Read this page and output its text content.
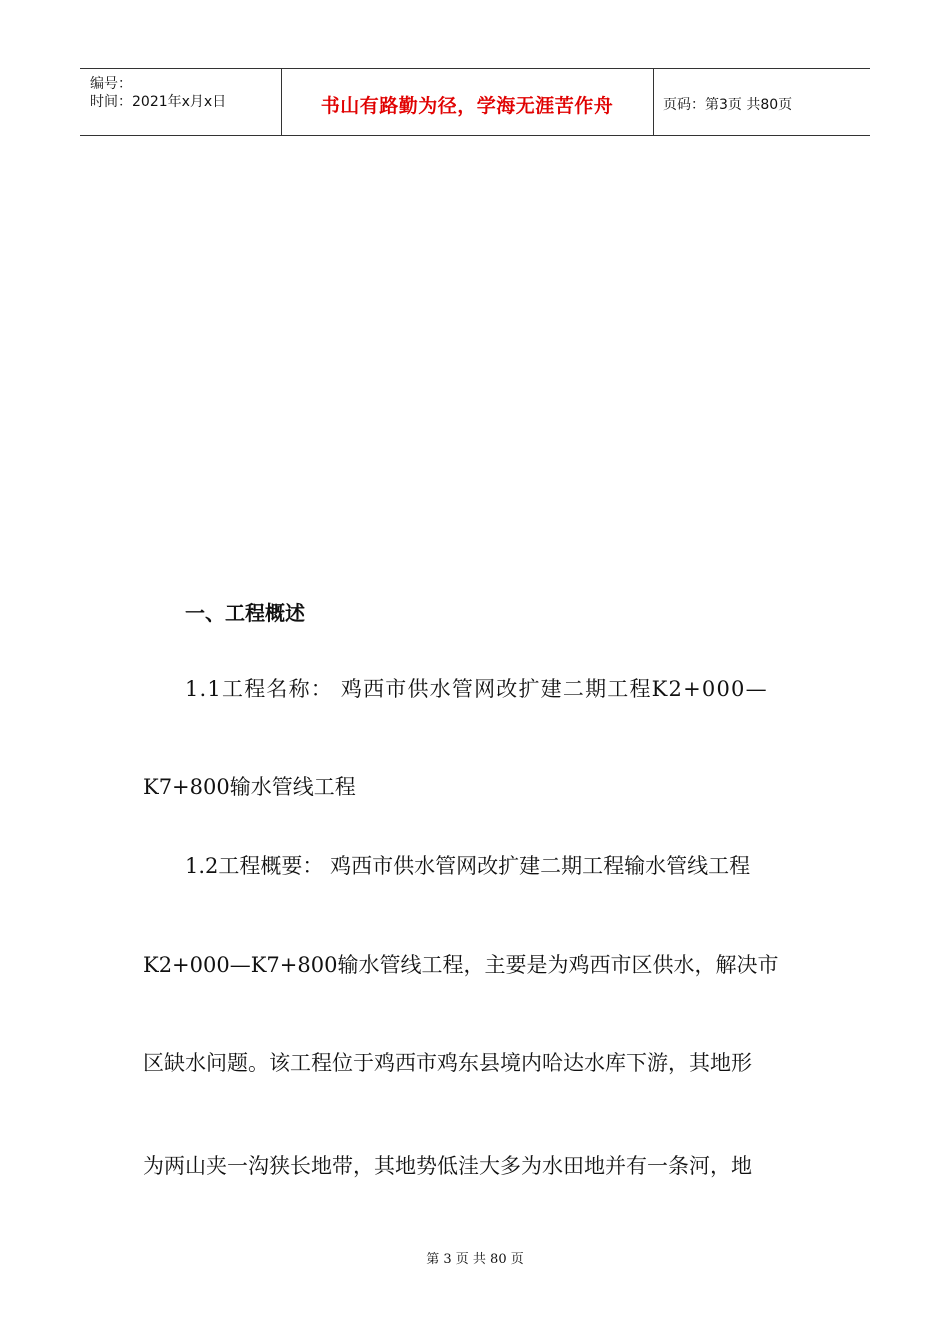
编号：
时间：2021年x月x日	书山有路勤为径，学海无涯苦作舟	页码：第3页 共80页
一、工程概述
1.1工程名称： 鸡西市供水管网改扩建二期工程K2+000—
K7+800输水管线工程
1.2工程概要： 鸡西市供水管网改扩建二期工程输水管线工程
K2+000—K7+800输水管线工程，主要是为鸡西市区供水，解决市
区缺水问题。该工程位于鸡西市鸡东县境内哈达水库下游，其地形
为两山夹一沟狭长地带，其地势低洼大多为水田地并有一条河，地
第 3 页 共 80 页
